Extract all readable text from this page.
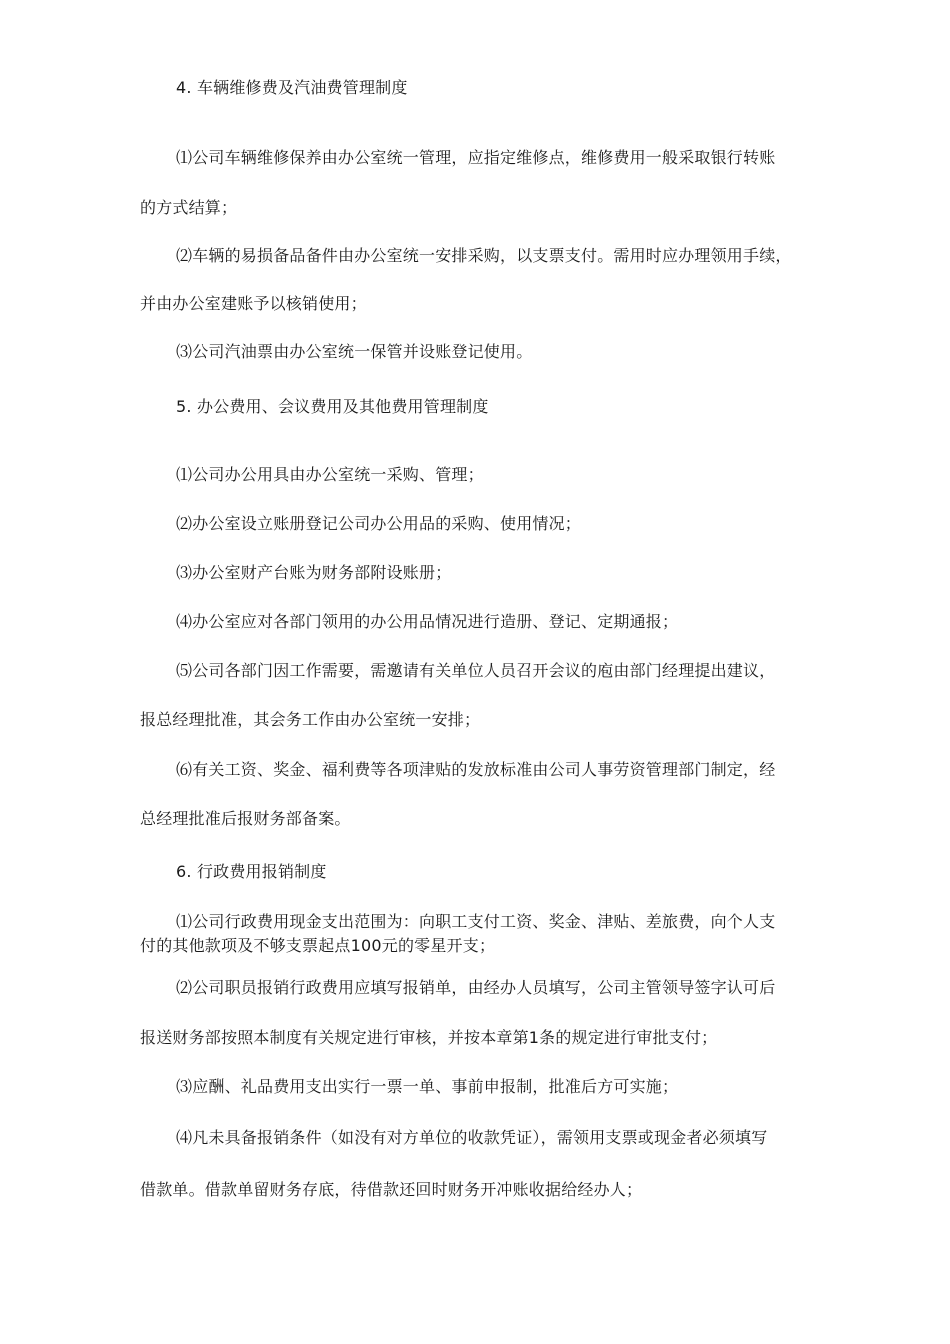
4. 车辆维修费及汽油费管理制度
⑴公司车辆维修保养由办公室统一管理，应指定维修点，维修费用一般采取银行转账
的方式结算；
⑵车辆的易损备品备件由办公室统一安排采购，以支票支付。需用时应办理领用手续，
并由办公室建账予以核销使用；
⑶公司汽油票由办公室统一保管并设账登记使用。
5. 办公费用、会议费用及其他费用管理制度
⑴公司办公用具由办公室统一采购、管理；
⑵办公室设立账册登记公司办公用品的采购、使用情况；
⑶办公室财产台账为财务部附设账册；
⑷办公室应对各部门领用的办公用品情况进行造册、登记、定期通报；
⑸公司各部门因工作需要，需邀请有关单位人员召开会议的庖由部门经理提出建议，
报总经理批准，其会务工作由办公室统一安排；
⑹有关工资、奖金、福利费等各项津贴的发放标准由公司人事劳资管理部门制定，经
总经理批准后报财务部备案。
6. 行政费用报销制度
⑴公司行政费用现金支出范围为：向职工支付工资、奖金、津贴、差旅费，向个人支
付的其他款项及不够支票起点100元的零星开支；
⑵公司职员报销行政费用应填写报销单，由经办人员填写，公司主管领导签字认可后
报送财务部按照本制度有关规定进行审核，并按本章第1条的规定进行审批支付；
⑶应酬、礼品费用支出实行一票一单、事前申报制，批准后方可实施；
⑷凡未具备报销条件（如没有对方单位的收款凭证），需领用支票或现金者必须填写
借款单。借款单留财务存底，待借款还回时财务开冲账收据给经办人；
